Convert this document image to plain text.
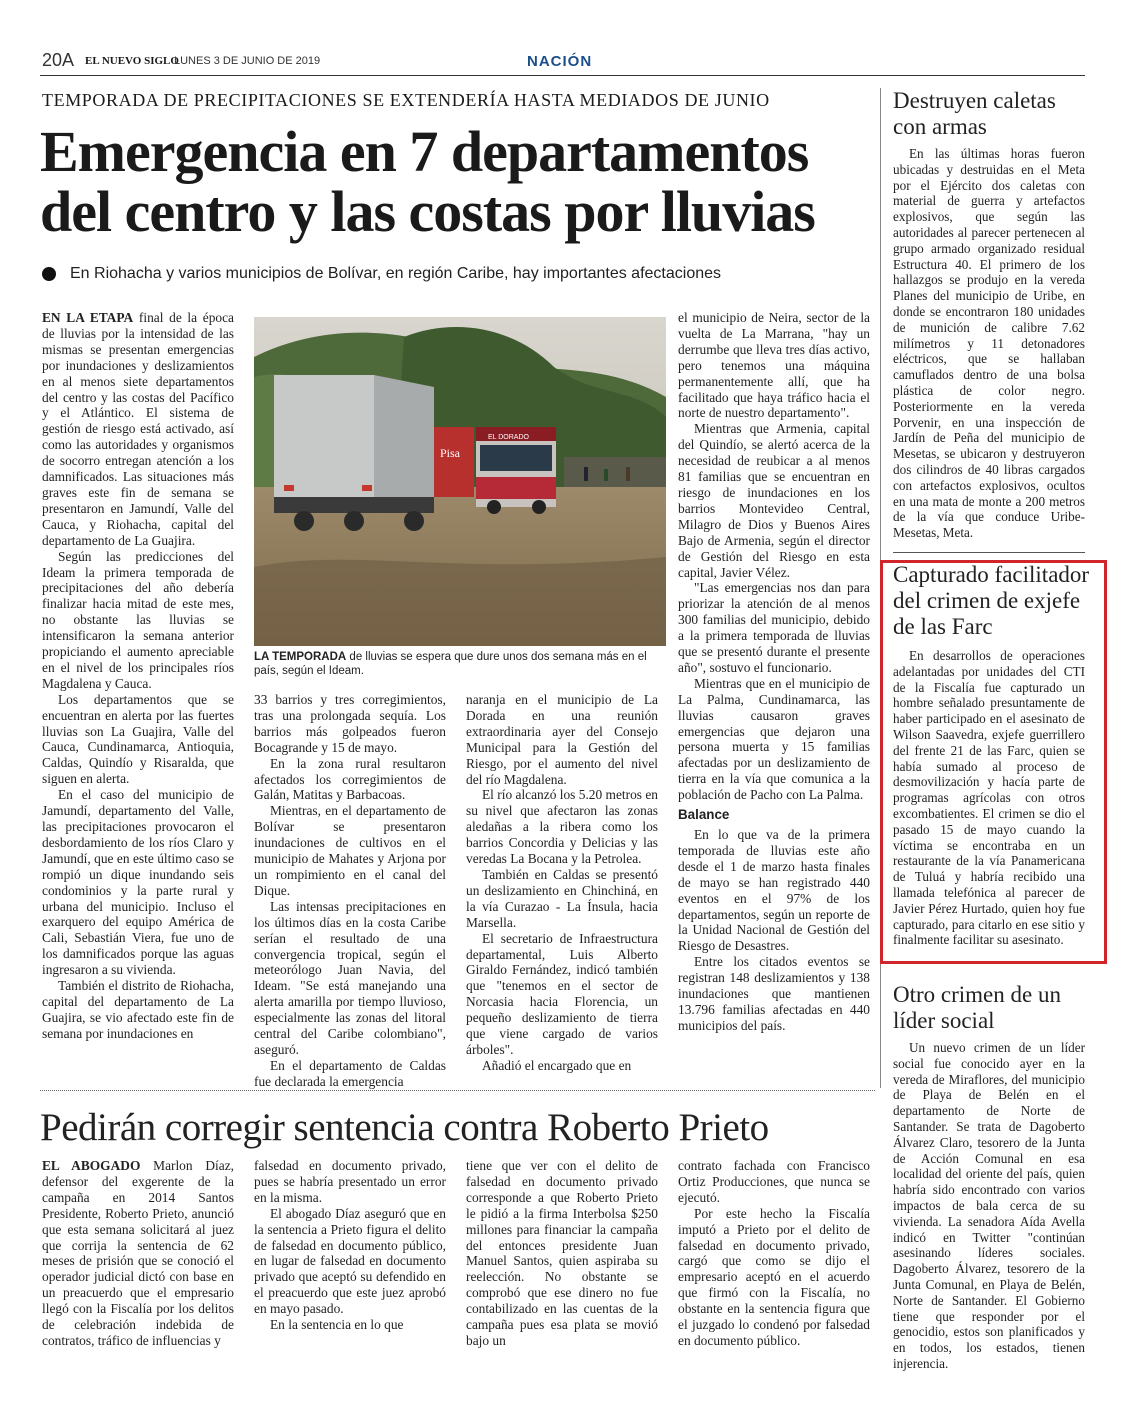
20A EL NUEVO SIGLO
LUNES 3 DE JUNIO DE 2019	NACIÓN
TEMPORADA DE PRECIPITACIONES SE EXTENDERÍA HASTA MEDIADOS DE JUNIO
Emergencia en 7 departamentos
del centro y las costas por lluvias
En Riohacha y varios municipios de Bolívar, en región Caribe, hay importantes afectaciones

EN LA ETAPA final de la época de lluvias por la intensidad de las mismas se presentan emergencias por inundaciones y deslizamientos en al menos siete departamentos del centro y las costas del Pacífico y el Atlántico. El sistema de gestión de riesgo está activado, así como las autoridades y organismos de socorro entregan atención a los damnificados. Las situaciones más graves este fin de semana se presentaron en Jamundí, Valle del Cauca, y Riohacha, capital del departamento de La Guajira.

Según las predicciones del Ideam la primera temporada de precipitaciones del año debería finalizar hacia mitad de este mes, no obstante las lluvias se intensificaron la semana anterior propiciando el aumento apreciable en el nivel de los principales ríos Magdalena y Cauca.

Los departamentos que se encuentran en alerta por las fuertes lluvias son La Guajira, Valle del Cauca, Cundinamarca, Antioquia, Caldas, Quindío y Risaralda, que siguen en alerta.

En el caso del municipio de Jamundí, departamento del Valle, las precipitaciones provocaron el desbordamiento de los ríos Claro y Jamundí, que en este último caso se rompió un dique inundando seis condominios y la parte rural y urbana del municipio. Incluso el exarquero del equipo América de Cali, Sebastián Viera, fue uno de los damnificados porque las aguas ingresaron a su vivienda.

También el distrito de Riohacha, capital del departamento de La Guajira, se vio afectado este fin de semana por inundaciones en

Pisa
EL DORADO
LA TEMPORADA de lluvias se espera que dure unos dos semana más en el país, según el Ideam.

33 barrios y tres corregimientos, tras una prolongada sequía. Los barrios más golpeados fueron Bocagrande y 15 de mayo.

En la zona rural resultaron afectados los corregimientos de Galán, Matitas y Barbacoas.

Mientras, en el departamento de Bolívar se presentaron inundaciones de cultivos en el municipio de Mahates y Arjona por un rompimiento en el canal del Dique.

Las intensas precipitaciones en los últimos días en la costa Caribe serían el resultado de una convergencia tropical, según el meteorólogo Juan Navia, del Ideam. "Se está manejando una alerta amarilla por tiempo lluvioso, especialmente las zonas del litoral central del Caribe colombiano", aseguró.

En el departamento de Caldas fue declarada la emergencia

naranja en el municipio de La Dorada en una reunión extraordinaria ayer del Consejo Municipal para la Gestión del Riesgo, por el aumento del nivel del río Magdalena.

El río alcanzó los 5.20 metros en su nivel que afectaron las zonas aledañas a la ribera como los barrios Concordia y Delicias y las veredas La Bocana y la Petrolea.

También en Caldas se presentó un deslizamiento en Chinchiná, en la vía Curazao - La Ínsula, hacia Marsella.

El secretario de Infraestructura departamental, Luis Alberto Giraldo Fernández, indicó también que "tenemos en el sector de Norcasia hacia Florencia, un pequeño deslizamiento de tierra que viene cargado de varios árboles".

Añadió el encargado que en

el municipio de Neira, sector de la vuelta de La Marrana, "hay un derrumbe que lleva tres días activo, pero tenemos una máquina permanentemente allí, que ha facilitado que haya tráfico hacia el norte de nuestro departamento".

Mientras que Armenia, capital del Quindío, se alertó acerca de la necesidad de reubicar a al menos 81 familias que se encuentran en riesgo de inundaciones en los barrios Montevideo Central, Milagro de Dios y Buenos Aires Bajo de Armenia, según el director de Gestión del Riesgo en esta capital, Javier Vélez.

"Las emergencias nos dan para priorizar la atención de al menos 300 familias del municipio, debido a la primera temporada de lluvias que se presentó durante el presente año", sostuvo el funcionario.

Mientras que en el municipio de La Palma, Cundinamarca, las lluvias causaron graves emergencias que dejaron una persona muerta y 15 familias afectadas por un deslizamiento de tierra en la vía que comunica a la población de Pacho con La Palma.

Balance

En lo que va de la primera temporada de lluvias este año desde el 1 de marzo hasta finales de mayo se han registrado 440 eventos en el 97% de los departamentos, según un reporte de la Unidad Nacional de Gestión del Riesgo de Desastres.

Entre los citados eventos se registran 148 deslizamientos y 138 inundaciones que mantienen 13.796 familias afectadas en 440 municipios del país.

Destruyen caletas con armas

En las últimas horas fueron ubicadas y destruidas en el Meta por el Ejército dos caletas con material de guerra y artefactos explosivos, que según las autoridades al parecer pertenecen al grupo armado organizado residual Estructura 40. El primero de los hallazgos se produjo en la vereda Planes del municipio de Uribe, en donde se encontraron 180 unidades de munición de calibre 7.62 milímetros y 11 detonadores eléctricos, que se hallaban camuflados dentro de una bolsa plástica de color negro. Posteriormente en la vereda Porvenir, en una inspección de Jardín de Peña del municipio de Mesetas, se ubicaron y destruyeron dos cilindros de 40 libras cargados con artefactos explosivos, ocultos en una mata de monte a 200 metros de la vía que conduce Uribe- Mesetas, Meta.

Capturado facilitador del crimen de exjefe de las Farc

En desarrollos de operaciones adelantadas por unidades del CTI de la Fiscalía fue capturado un hombre señalado presuntamente de haber participado en el asesinato de Wilson Saavedra, exjefe guerrillero del frente 21 de las Farc, quien se había sumado al proceso de desmovilización y hacía parte de programas agrícolas con otros excombatientes. El crimen se dio el pasado 15 de mayo cuando la víctima se encontraba en un restaurante de la vía Panamericana de Tuluá y habría recibido una llamada telefónica al parecer de Javier Pérez Hurtado, quien hoy fue capturado, para citarlo en ese sitio y finalmente facilitar su asesinato.

Otro crimen de un líder social

Un nuevo crimen de un líder social fue conocido ayer en la vereda de Miraflores, del municipio de Playa de Belén en el departamento de Norte de Santander. Se trata de Dagoberto Álvarez Claro, tesorero de la Junta de Acción Comunal en esa localidad del oriente del país, quien habría sido encontrado con varios impactos de bala cerca de su vivienda. La senadora Aída Avella indicó en Twitter "continúan asesinando líderes sociales. Dagoberto Álvarez, tesorero de la Junta Comunal, en Playa de Belén, Norte de Santander. El Gobierno tiene que responder por el genocidio, estos son planificados y en todos, los estados, tienen injerencia.

Pedirán corregir sentencia contra Roberto Prieto

EL ABOGADO Marlon Díaz, defensor del exgerente de la campaña en 2014 Santos Presidente, Roberto Prieto, anunció que esta semana solicitará al juez que corrija la sentencia de 62 meses de prisión que se conoció el operador judicial dictó con base en un preacuerdo que el empresario llegó con la Fiscalía por los delitos de celebración indebida de contratos, tráfico de influencias y

falsedad en documento privado, pues se habría presentado un error en la misma.

El abogado Díaz aseguró que en la sentencia a Prieto figura el delito de falsedad en documento público, en lugar de falsedad en documento privado que aceptó su defendido en el preacuerdo que este juez aprobó en mayo pasado.

En la sentencia en lo que

tiene que ver con el delito de falsedad en documento privado corresponde a que Roberto Prieto le pidió a la firma Interbolsa $250 millones para financiar la campaña del entonces presidente Juan Manuel Santos, quien aspiraba su reelección. No obstante se comprobó que ese dinero no fue contabilizado en las cuentas de la campaña pues esa plata se movió bajo un

contrato fachada con Francisco Ortiz Producciones, que nunca se ejecutó.

Por este hecho la Fiscalía imputó a Prieto por el delito de falsedad en documento privado, cargó que como se dijo el empresario aceptó en el acuerdo que firmó con la Fiscalía, no obstante en la sentencia figura que el juzgado lo condenó por falsedad en documento público.
